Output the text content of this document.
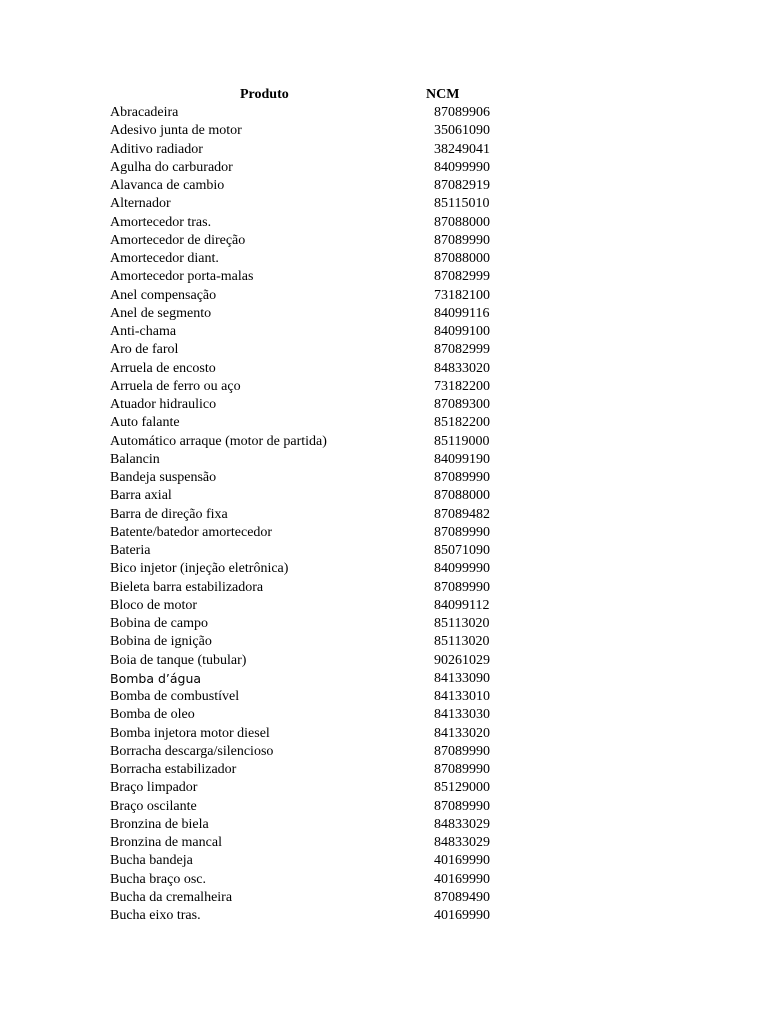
Produto	NCM
Abracadeira	87089906
Adesivo junta de motor	35061090
Aditivo radiador	38249041
Agulha do carburador	84099990
Alavanca de cambio	87082919
Alternador	85115010
Amortecedor tras.	87088000
Amortecedor de direção	87089990
Amortecedor diant.	87088000
Amortecedor porta-malas	87082999
Anel compensação	73182100
Anel de segmento	84099116
Anti-chama	84099100
Aro de farol	87082999
Arruela de encosto	84833020
Arruela de ferro ou aço	73182200
Atuador hidraulico	87089300
Auto falante	85182200
Automático arraque (motor de partida)	85119000
Balancin	84099190
Bandeja suspensão	87089990
Barra axial	87088000
Barra de direção fixa	87089482
Batente/batedor amortecedor	87089990
Bateria	85071090
Bico injetor (injeção eletrônica)	84099990
Bieleta barra estabilizadora	87089990
Bloco de motor	84099112
Bobina de campo	85113020
Bobina de ignição	85113020
Boia de tanque (tubular)	90261029
Bomba d’água	84133090
Bomba de combustível	84133010
Bomba de oleo	84133030
Bomba injetora motor diesel	84133020
Borracha descarga/silencioso	87089990
Borracha estabilizador	87089990
Braço limpador	85129000
Braço oscilante	87089990
Bronzina de biela	84833029
Bronzina de mancal	84833029
Bucha bandeja	40169990
Bucha braço osc.	40169990
Bucha da cremalheira	87089490
Bucha eixo tras.	40169990
